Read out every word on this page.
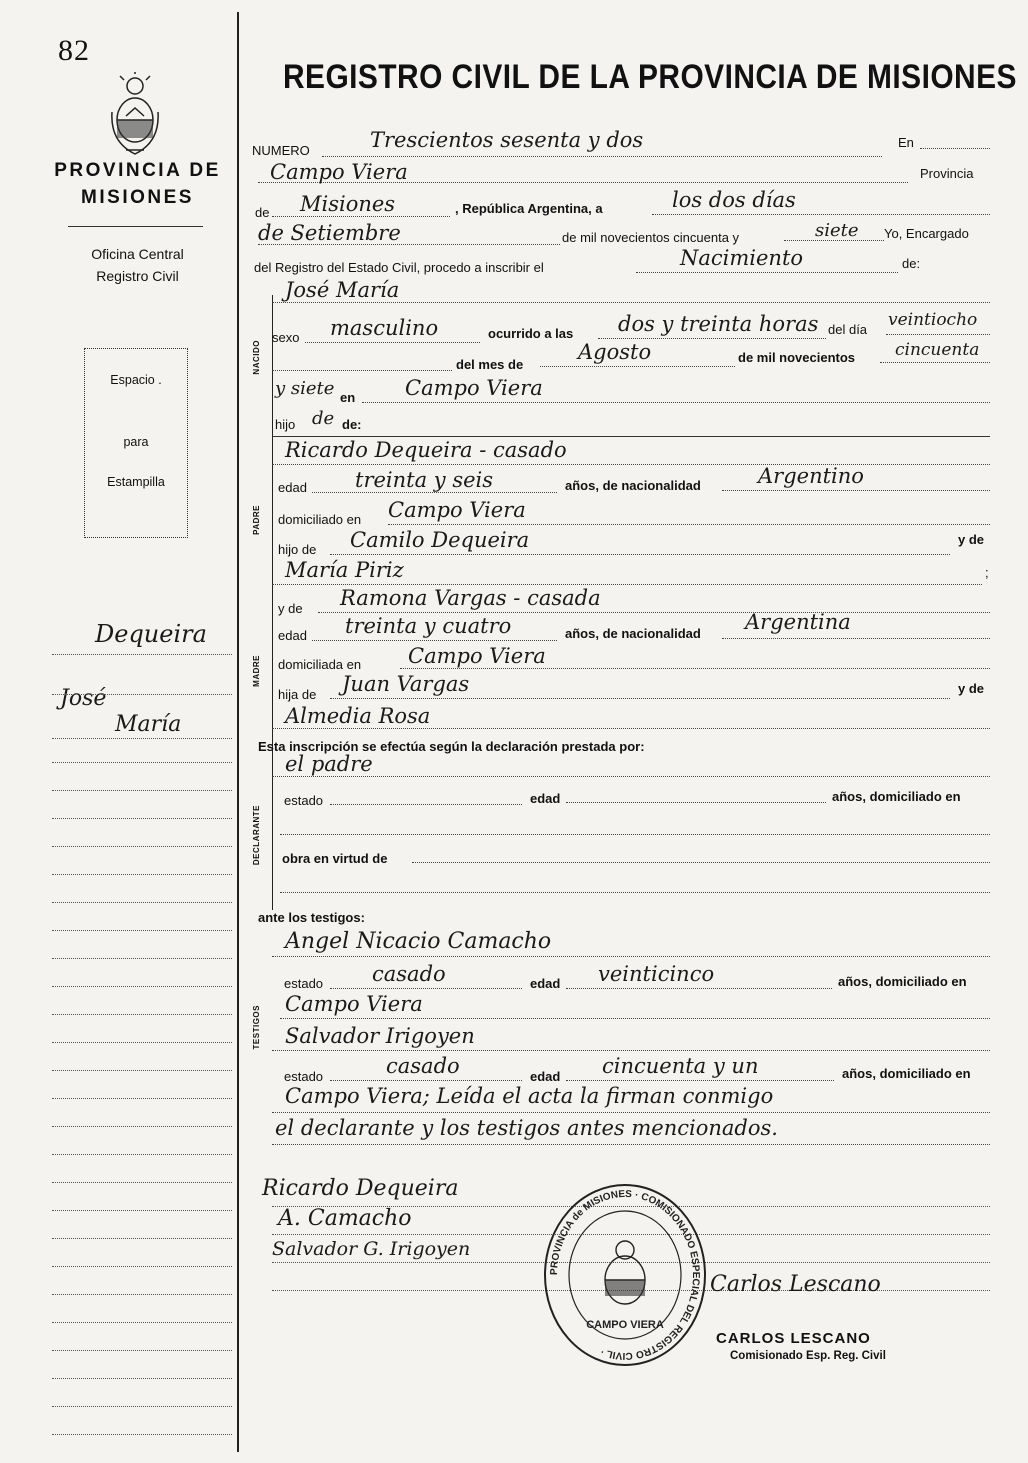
82
REGISTRO CIVIL DE LA PROVINCIA DE MISIONES
PROVINCIA DE
MISIONES
Oficina Central
Registro Civil
Espacio .
para
Estampilla
Dequeira
José
María
NUMERO	Trescientos sesenta y dos	En
Campo Viera	Provincia
de Misiones	, República Argentina, a	los dos días
de Setiembre	de mil novecientos cincuenta y	siete Yo, Encargado
del Registro del Estado Civil, procedo a inscribir el	Nacimiento	de:
NACIDO
José María
sexo masculino	ocurrido a las dos y treinta horas del día veintiocho
del mes de
Agosto	de mil novecientos cincuenta
y siete en Campo Viera
hijo de de:
PADRE
Ricardo Dequeira - casado
edad treinta y seis	años, de nacionalidad	Argentino
domiciliado en Campo Viera
hijo de Camilo Dequeira	y de
María Piriz	;
MADRE
y de Ramona Vargas - casada
edad treinta y cuatro	años, de nacionalidad Argentina
domiciliada en Campo Viera
hija de Juan Vargas	y de
Almedia Rosa
DECLARANTE
Esta inscripción se efectúa según la declaración prestada por:
el padre
estado	edad	años, domiciliado en
obra en virtud de
TESTIGOS
ante los testigos:
Angel Nicacio Camacho
estado casado	edad veinticinco	años, domiciliado en
Campo Viera
Salvador Irigoyen
estado	casado	edad cincuenta y un	años, domiciliado en
Campo Viera; Leída el acta la firman conmigo
el declarante y los testigos antes mencionados.
Ricardo Dequeira
A. Camacho
Salvador G. Irigoyen
Carlos Lescano
PROVINCIA de MISIONES · COMISIONADO ESPECIAL DEL REGISTRO CIVIL ·
CAMPO VIERA
CARLOS LESCANO
Comisionado Esp. Reg. Civil
